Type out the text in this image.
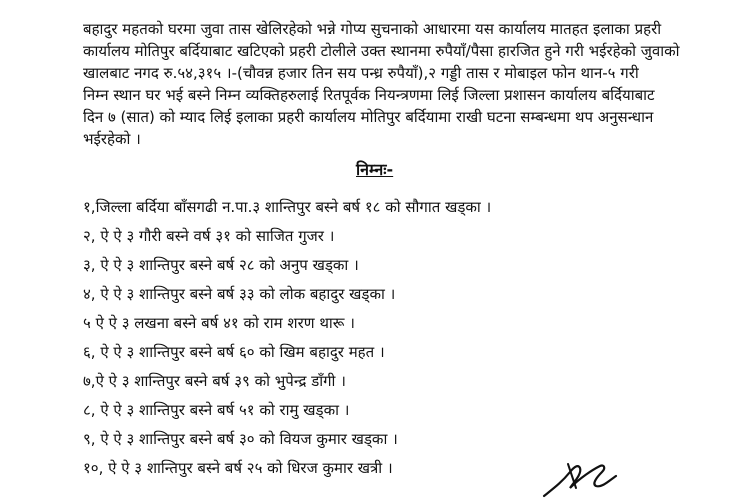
बहादुर महतको घरमा जुवा तास खेलिरहेको भन्ने गोप्य सुचनाको आधारमा यस कार्यालय मातहत इलाका प्रहरी
कार्यालय मोतिपुर बर्दियाबाट खटिएको प्रहरी टोलीले उक्त स्थानमा रुपैयाँ/पैसा हारजित हुने गरी भईरहेको जुवाको
खालबाट नगद रु.५४,३१५ ।-(चौवन्न हजार तिन सय पन्ध्र रुपैयाँ),२ गड्डी तास र मोबाइल फोन थान-५ गरी
निम्न स्थान घर भई बस्ने निम्न व्यक्तिहरुलाई रितपूर्वक नियन्त्रणमा लिई जिल्ला प्रशासन कार्यालय बर्दियाबाट
दिन ७ (सात) को म्याद लिई इलाका प्रहरी कार्यालय मोतिपुर बर्दियामा राखी घटना सम्बन्धमा थप अनुसन्धान
भईरहेको ।
निम्नः-
१,जिल्ला बर्दिया बाँसगढी न.पा.३ शान्तिपुर बस्ने बर्ष १८ को सौगात खड्का ।
२, ऐ ऐ ३ गौरी बस्ने वर्ष ३१ को साजित गुजर ।
३, ऐ ऐ ३ शान्तिपुर बस्ने बर्ष २८ को अनुप खड्का ।
४, ऐ ऐ ३ शान्तिपुर बस्ने बर्ष ३३ को लोक बहादुर खड्का ।
५ ऐ ऐ ३ लखना बस्ने बर्ष ४१ को राम शरण थारू ।
६, ऐ ऐ ३ शान्तिपुर बस्ने बर्ष ६० को खिम बहादुर महत ।
७,ऐ ऐ ३ शान्तिपुर बस्ने बर्ष ३९ को भुपेन्द्र डाँगी ।
८, ऐ ऐ ३ शान्तिपुर बस्ने बर्ष ५१ को रामु खड्का ।
९, ऐ ऐ ३ शान्तिपुर बस्ने बर्ष ३० को वियज कुमार खड्का ।
१०, ऐ ऐ ३ शान्तिपुर बस्ने बर्ष २५ को धिरज कुमार खत्री ।
